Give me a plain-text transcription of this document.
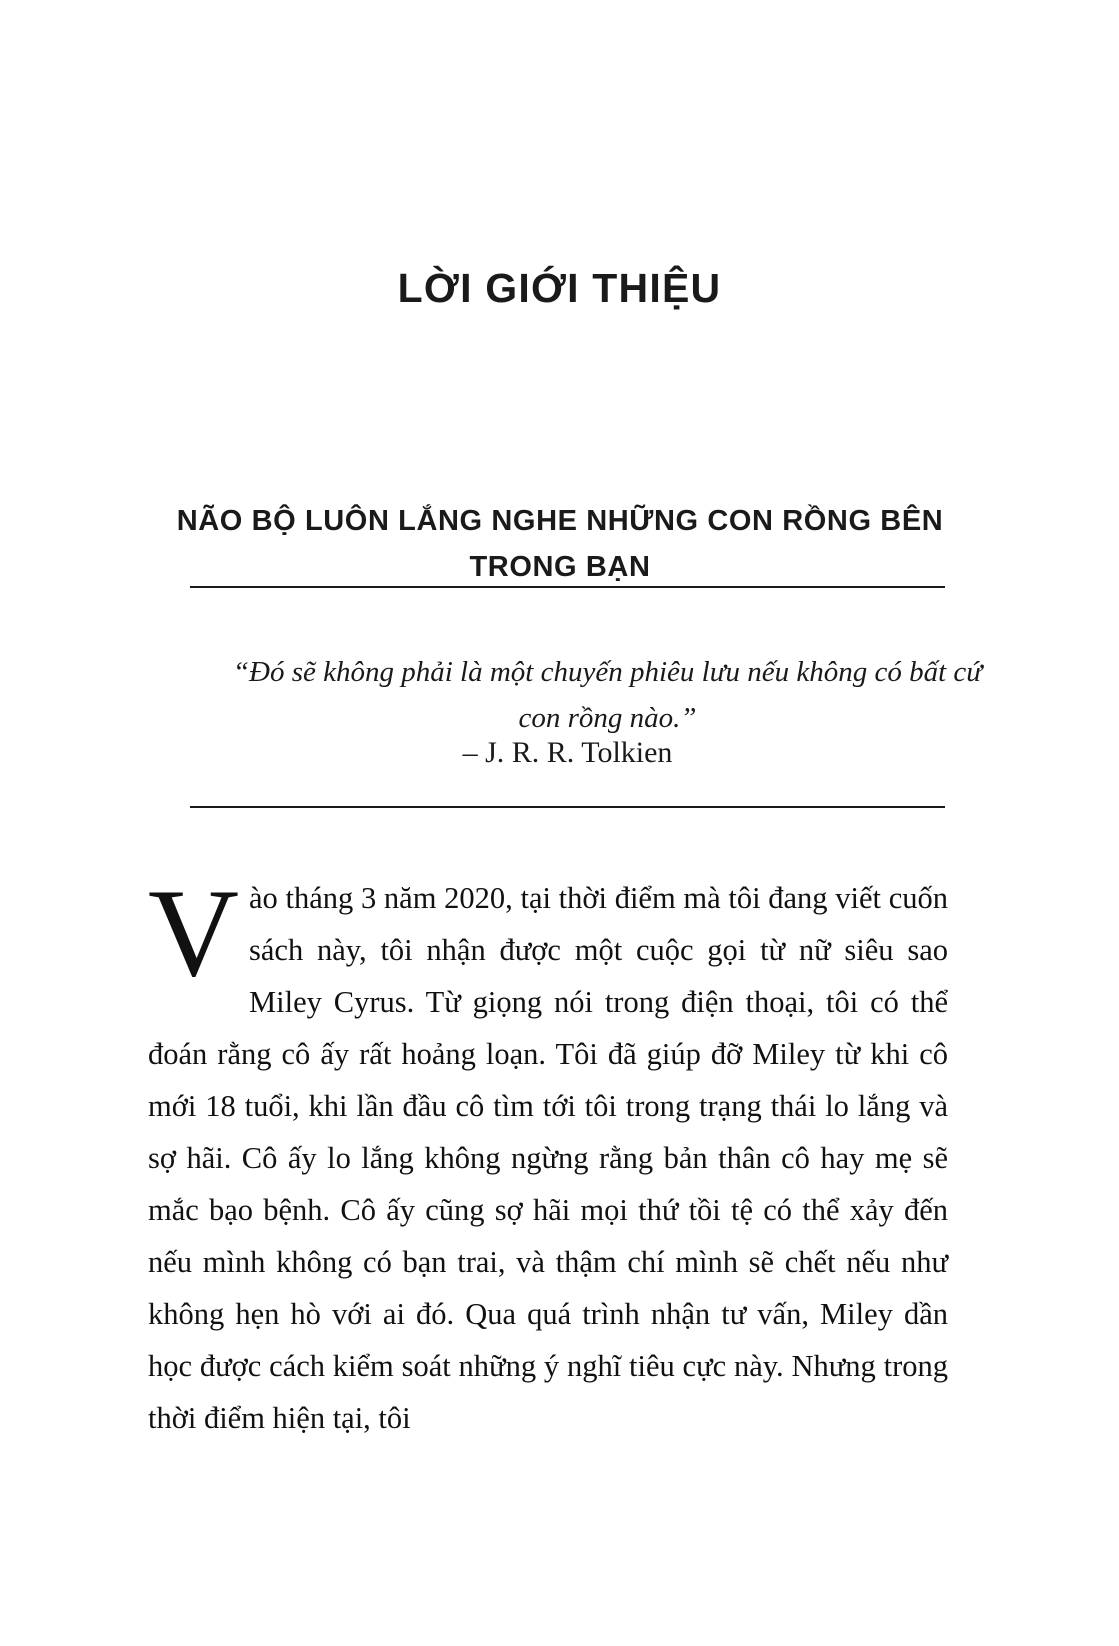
LỜI GIỚI THIỆU
NÃO BỘ LUÔN LẮNG NGHE NHỮNG CON RỒNG BÊN TRONG BẠN
“Đó sẽ không phải là một chuyến phiêu lưu nếu không có bất cứ con rồng nào.”
– J. R. R. Tolkien
Vào tháng 3 năm 2020, tại thời điểm mà tôi đang viết cuốn sách này, tôi nhận được một cuộc gọi từ nữ siêu sao Miley Cyrus. Từ giọng nói trong điện thoại, tôi có thể đoán rằng cô ấy rất hoảng loạn. Tôi đã giúp đỡ Miley từ khi cô mới 18 tuổi, khi lần đầu cô tìm tới tôi trong trạng thái lo lắng và sợ hãi. Cô ấy lo lắng không ngừng rằng bản thân cô hay mẹ sẽ mắc bạo bệnh. Cô ấy cũng sợ hãi mọi thứ tồi tệ có thể xảy đến nếu mình không có bạn trai, và thậm chí mình sẽ chết nếu như không hẹn hò với ai đó. Qua quá trình nhận tư vấn, Miley dần học được cách kiểm soát những ý nghĩ tiêu cực này. Nhưng trong thời điểm hiện tại, tôi
